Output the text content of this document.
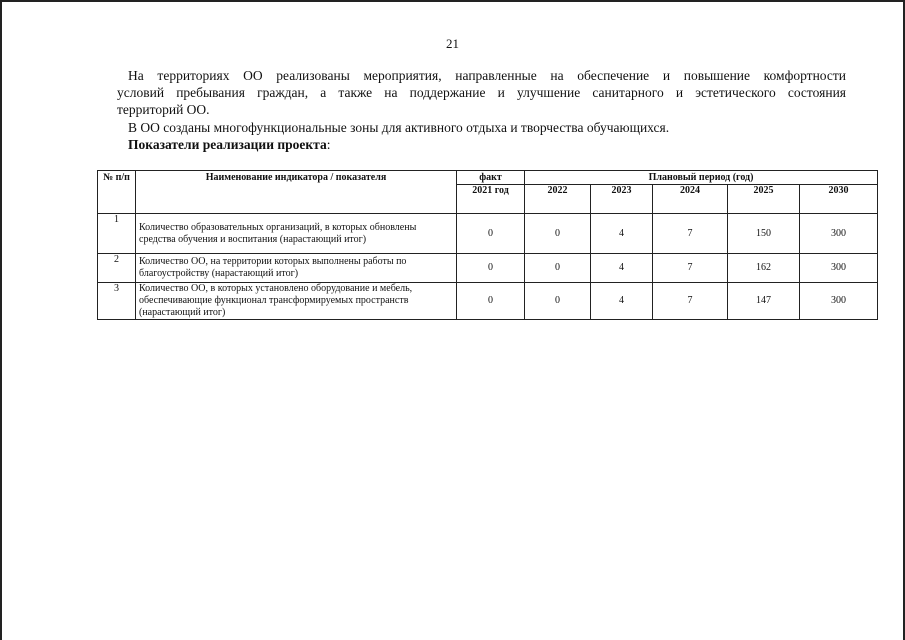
21
На территориях ОО реализованы мероприятия, направленные на обеспечение и повышение комфортности
условий пребывания граждан, а также на поддержание и улучшение санитарного и эстетического состояния
территорий ОО.
В ОО созданы многофункциональные зоны для активного отдыха и творчества обучающихся.
Показатели реализации проекта:
№ п/п	Наименование индикатора / показателя	факт	Плановый период (год)				
		2021 год	2022	2023	2024	2025	2030
1	Количество образовательных организаций, в которых обновлены средства обучения и воспитания (нарастающий итог)	0	0	4	7	150	300
2	Количество ОО, на территории которых выполнены работы по благоустройству (нарастающий итог)	0	0	4	7	162	300
3	Количество ОО, в которых установлено оборудование и мебель, обеспечивающие функционал трансформируемых пространств (нарастающий итог)	0	0	4	7	147	300
